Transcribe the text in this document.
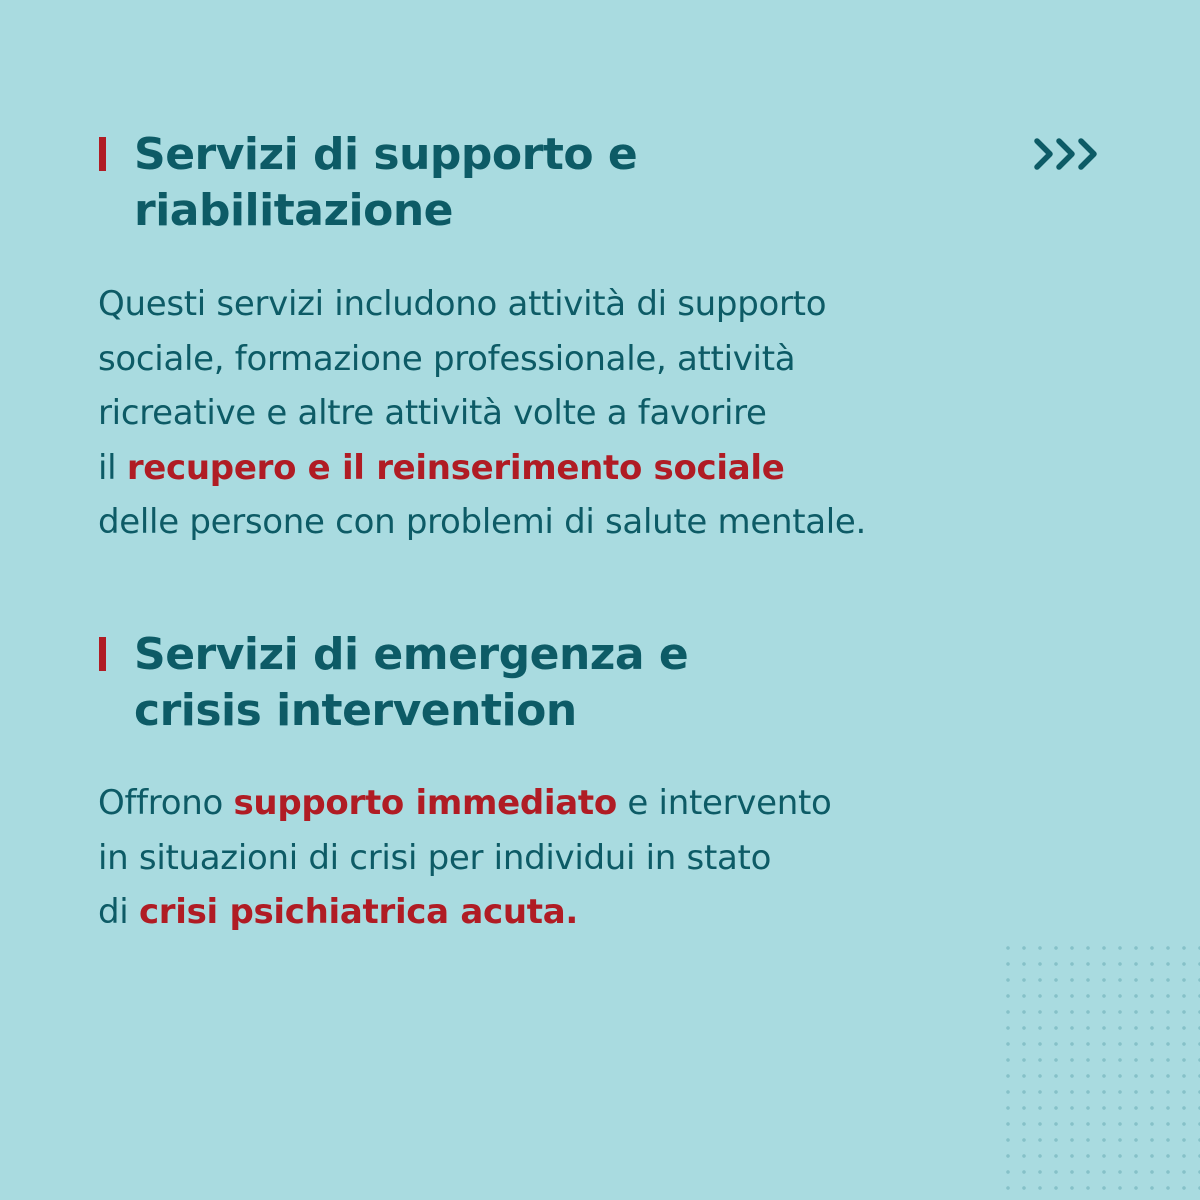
Servizi di supporto e
riabilitazione

Questi servizi includono attività di supporto
sociale, formazione professionale, attività
ricreative e altre attività volte a favorire
il recupero e il reinserimento sociale
delle persone con problemi di salute mentale.

Servizi di emergenza e
crisis intervention

Offrono supporto immediato e intervento
in situazioni di crisi per individui in stato
di crisi psichiatrica acuta.
